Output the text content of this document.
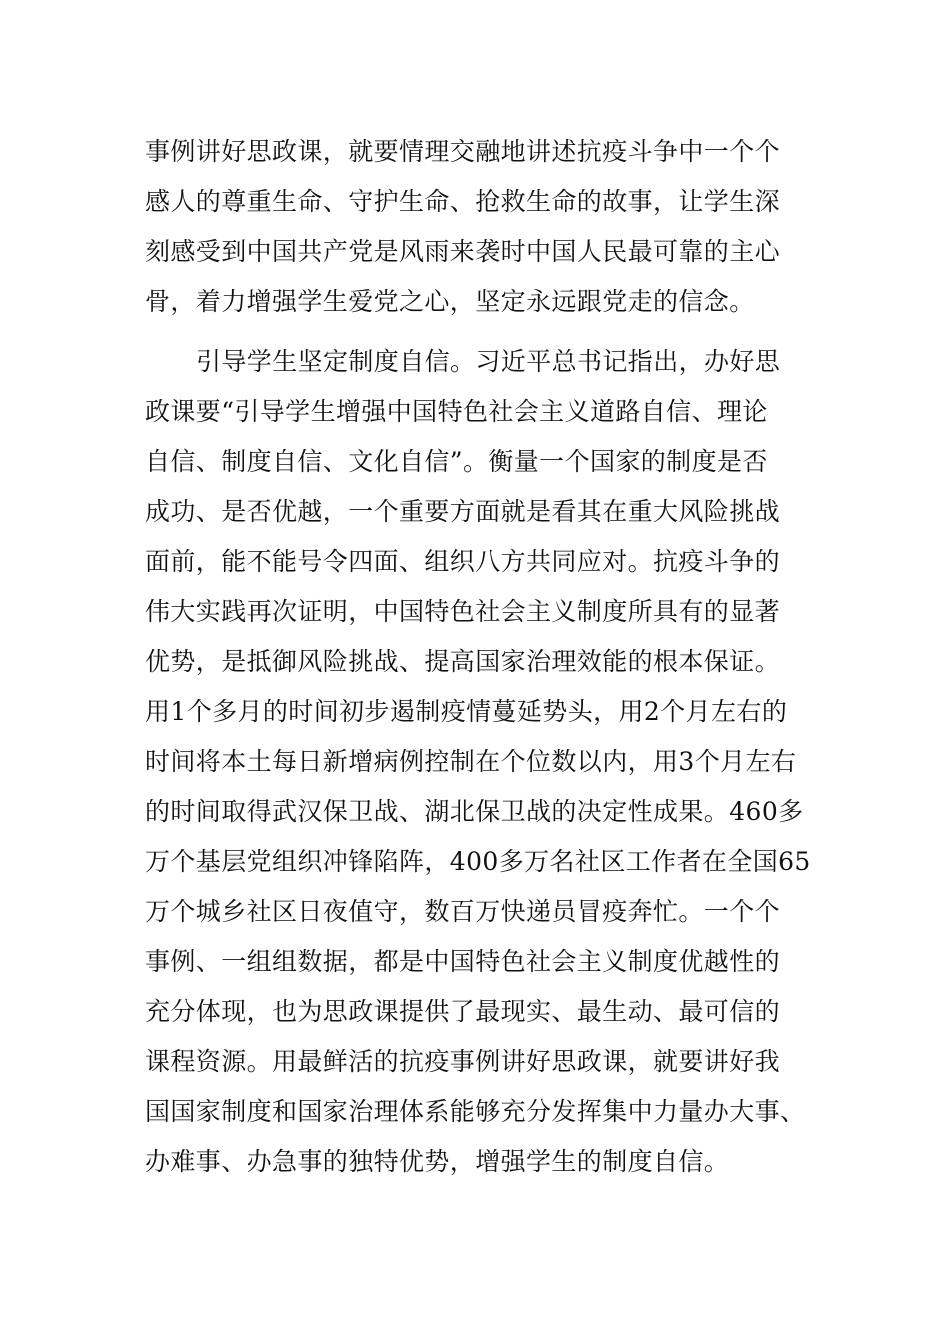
事例讲好思政课，就要情理交融地讲述抗疫斗争中一个个

感人的尊重生命、守护生命、抢救生命的故事，让学生深

刻感受到中国共产党是风雨来袭时中国人民最可靠的主心

骨，着力增强学生爱党之心，坚定永远跟党走的信念。

引导学生坚定制度自信。习近平总书记指出，办好思

政课要“引导学生增强中国特色社会主义道路自信、理论

自信、制度自信、文化自信”。衡量一个国家的制度是否

成功、是否优越，一个重要方面就是看其在重大风险挑战

面前，能不能号令四面、组织八方共同应对。抗疫斗争的

伟大实践再次证明，中国特色社会主义制度所具有的显著

优势，是抵御风险挑战、提高国家治理效能的根本保证。

用1个多月的时间初步遏制疫情蔓延势头，用2个月左右的

时间将本土每日新增病例控制在个位数以内，用3个月左右

的时间取得武汉保卫战、湖北保卫战的决定性成果。460多

万个基层党组织冲锋陷阵，400多万名社区工作者在全国65

万个城乡社区日夜值守，数百万快递员冒疫奔忙。一个个

事例、一组组数据，都是中国特色社会主义制度优越性的

充分体现，也为思政课提供了最现实、最生动、最可信的

课程资源。用最鲜活的抗疫事例讲好思政课，就要讲好我

国国家制度和国家治理体系能够充分发挥集中力量办大事、

办难事、办急事的独特优势，增强学生的制度自信。
